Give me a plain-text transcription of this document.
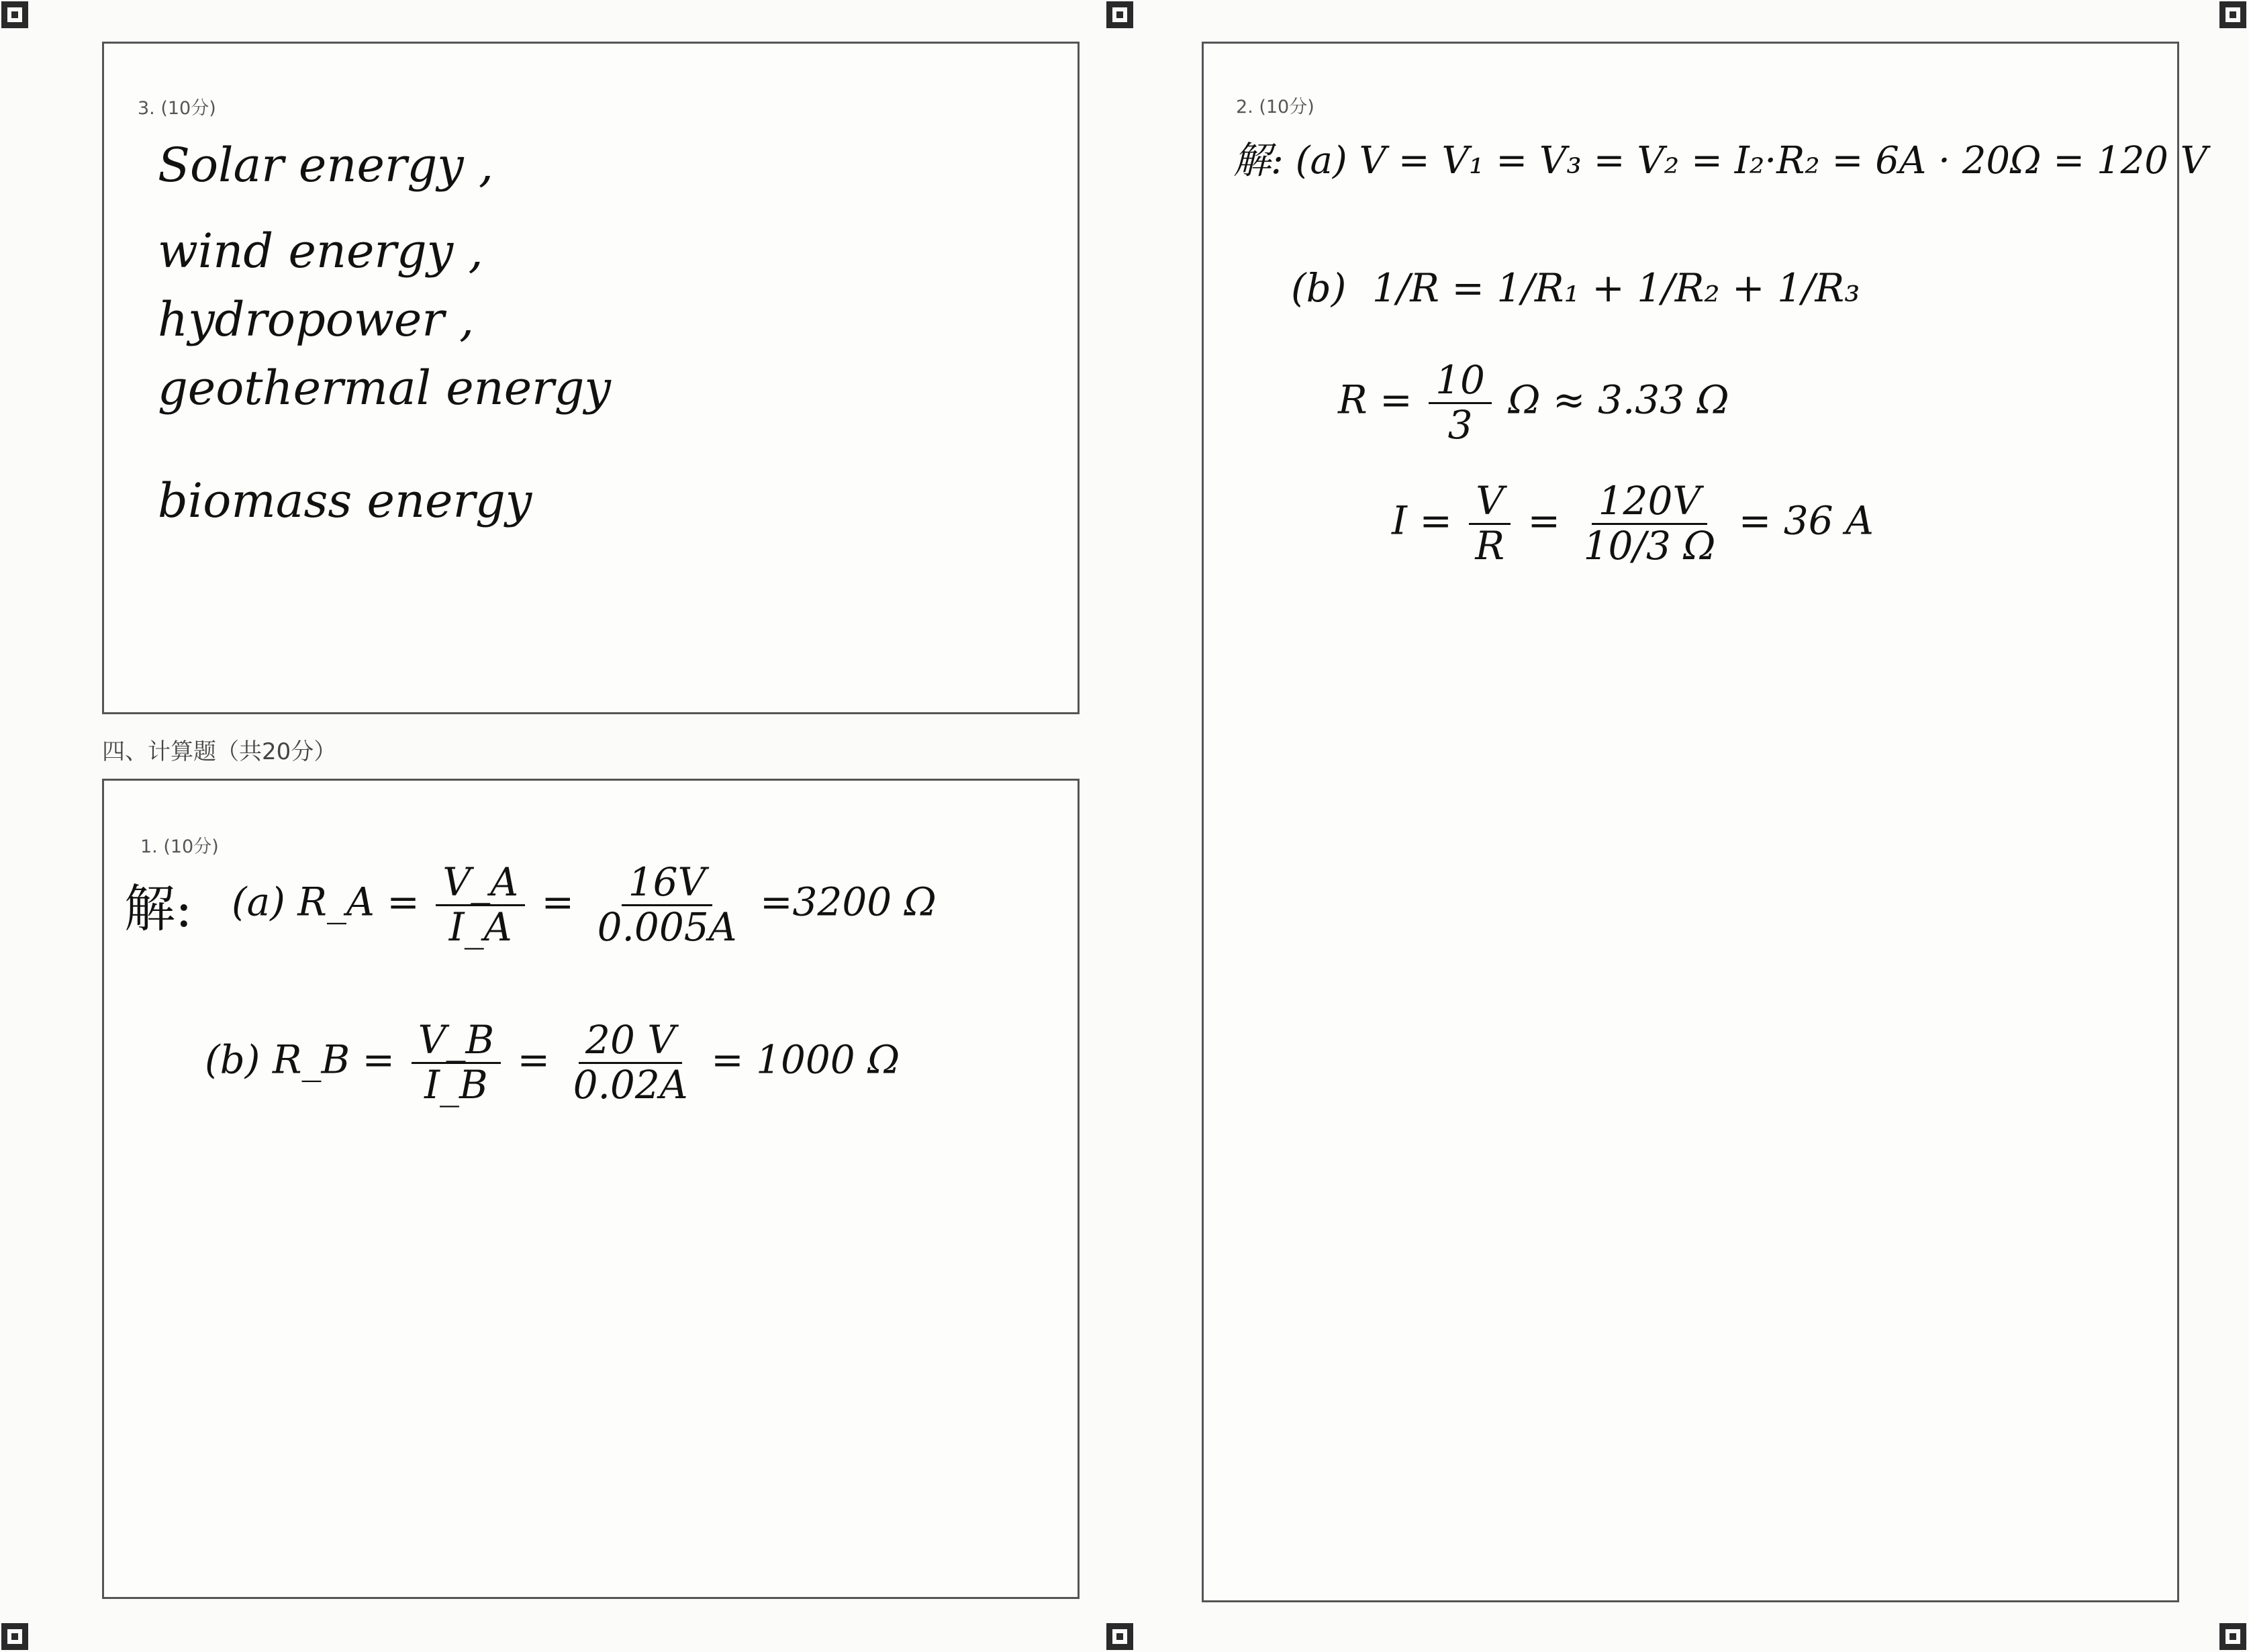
3. (10分)
Solar energy ,
wind energy ,
hydropower ,
geothermal energy
biomass energy
四、计算题（共20分）
1. (10分)
解: (a) R_A = $\frac{V\_A}{I\_A} = \frac{16V}{0.005A} =3200$ Ω
(b) R_B = $\frac{V\_B}{I\_B} = \frac{20 V}{0.02A} = 1000$ Ω
2. (10分)
解: (a) V = V₁ = V₃ = V₂ = I₂·R₂ = 6A · 20Ω = 120 V
(b) 1/R = 1/R₁ + 1/R₂ + 1/R₃
$R = \frac{10}{3}$ Ω ≈ 3.33 Ω
$I = \frac{V}{R} = \frac{120V}{10/3 \Omega} = 36$ A
